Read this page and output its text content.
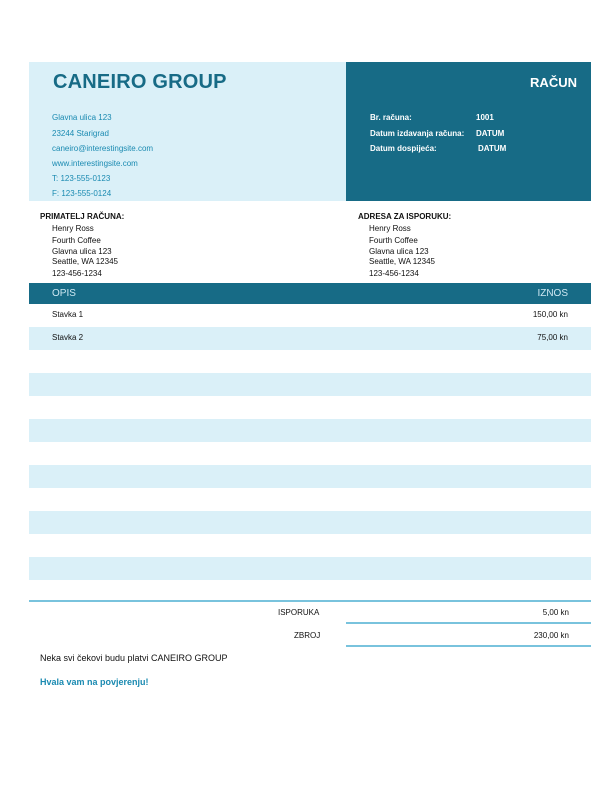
CANEIRO GROUP
Glavna ulica 123
23244 Starigrad
caneiro@interestingsite.com
www.interestingsite.com
T: 123-555-0123
F: 123-555-0124
RAČUN
Br. računa:	1001
Datum izdavanja računa: DATUM
Datum dospijeća:	DATUM
PRIMATELJ RAČUNA:
Henry Ross
Fourth Coffee
Glavna ulica 123
Seattle, WA 12345
123-456-1234
ADRESA ZA ISPORUKU:
Henry Ross
Fourth Coffee
Glavna ulica 123
Seattle, WA 12345
123-456-1234
OPIS	IZNOS
Stavka 1	150,00 kn
Stavka 2	75,00 kn
ISPORUKA	5,00 kn
ZBROJ	230,00 kn
Neka svi čekovi budu platvi CANEIRO GROUP
Hvala vam na povjerenju!
